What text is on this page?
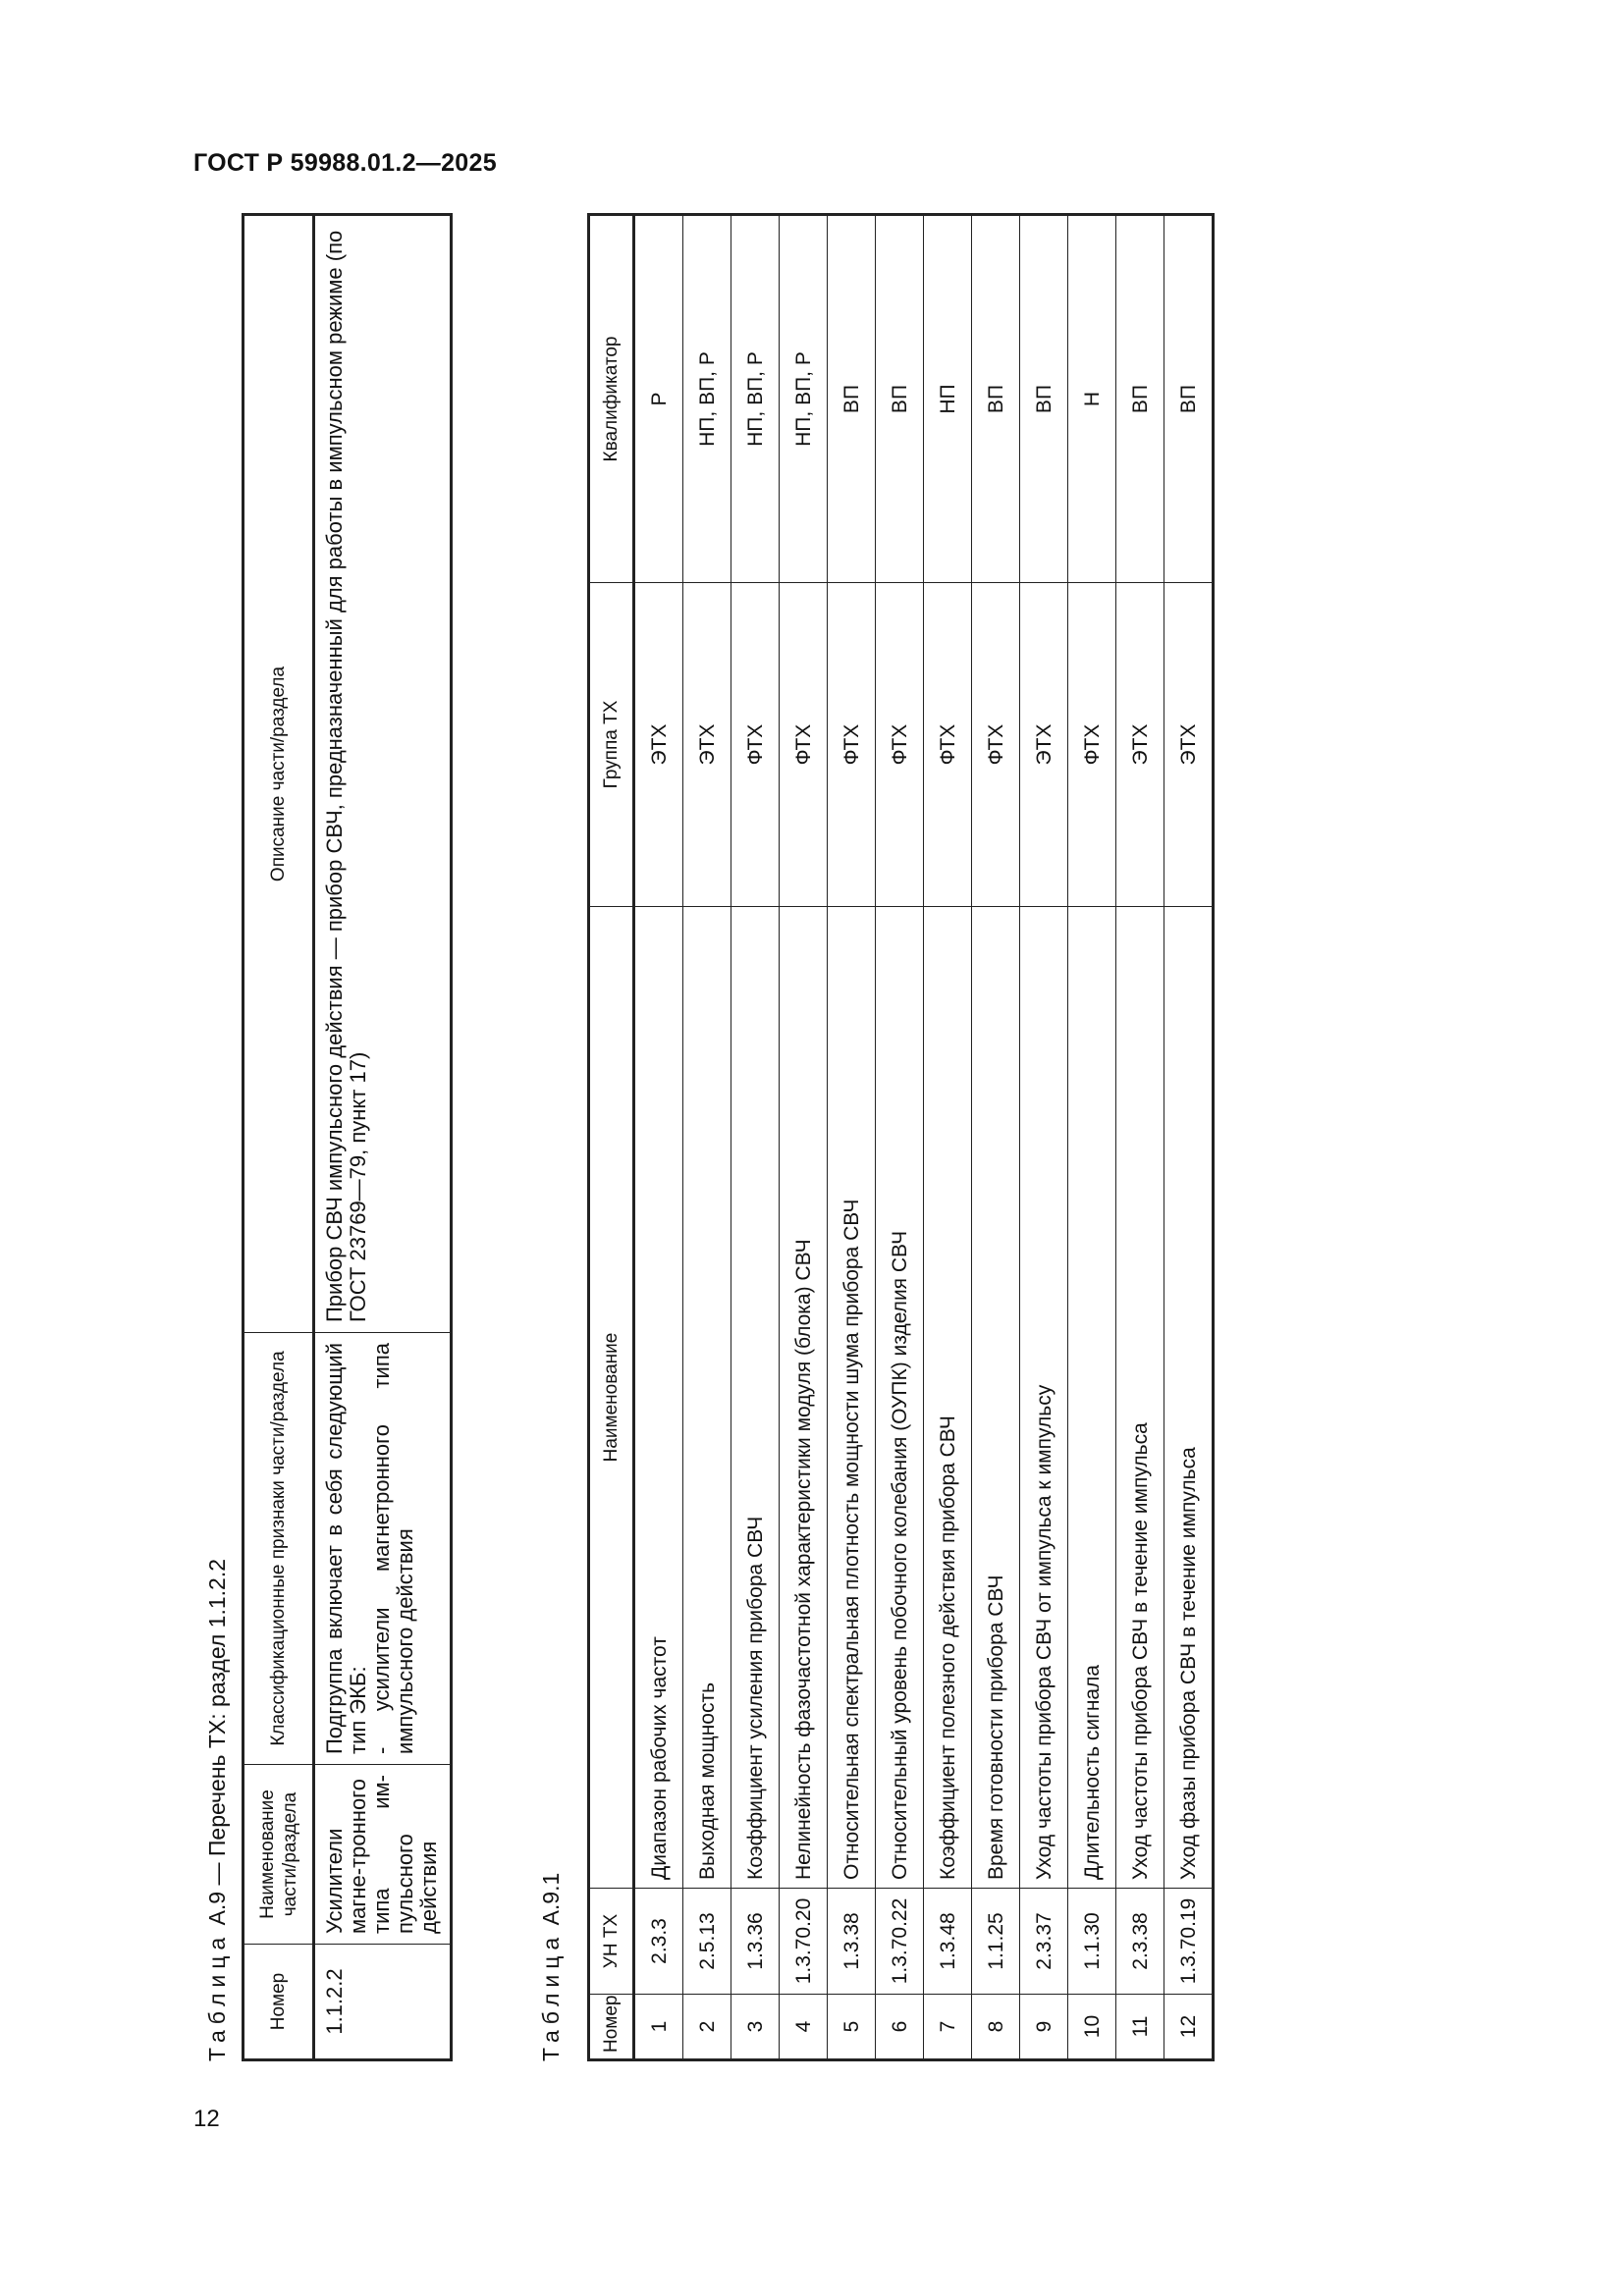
ГОСТ Р 59988.01.2—2025
12
Таблица А.9 — Перечень ТХ: раздел 1.1.2.2
Номер	Наименование части/раздела	Классификационные признаки части/раздела	Описание части/раздела
1.1.2.2	Усилители магне-тронного типа им-пульсного действия	Подгруппа включает в себя следующий тип ЭКБ: - усилители магнетронного типа импульсного действия	Прибор СВЧ импульсного действия — прибор СВЧ, предназначенный для работы в импульсном режиме (по ГОСТ 23769—79, пункт 17)
Таблица А.9.1
Номер	УН ТХ	Наименование	Группа ТХ	Квалификатор
1	2.3.3	Диапазон рабочих частот	ЭТХ	Р
2	2.5.13	Выходная мощность	ЭТХ	НП, ВП, Р
3	1.3.36	Коэффициент усиления прибора СВЧ	ФТХ	НП, ВП, Р
4	1.3.70.20	Нелинейность фазочастотной характеристики модуля (блока) СВЧ	ФТХ	НП, ВП, Р
5	1.3.38	Относительная спектральная плотность мощности шума прибора СВЧ	ФТХ	ВП
6	1.3.70.22	Относительный уровень побочного колебания (ОУПК) изделия СВЧ	ФТХ	ВП
7	1.3.48	Коэффициент полезного действия прибора СВЧ	ФТХ	НП
8	1.1.25	Время готовности прибора СВЧ	ФТХ	ВП
9	2.3.37	Уход частоты прибора СВЧ от импульса к импульсу	ЭТХ	ВП
10	1.1.30	Длительность сигнала	ФТХ	Н
11	2.3.38	Уход частоты прибора СВЧ в течение импульса	ЭТХ	ВП
12	1.3.70.19	Уход фазы прибора СВЧ в течение импульса	ЭТХ	ВП
